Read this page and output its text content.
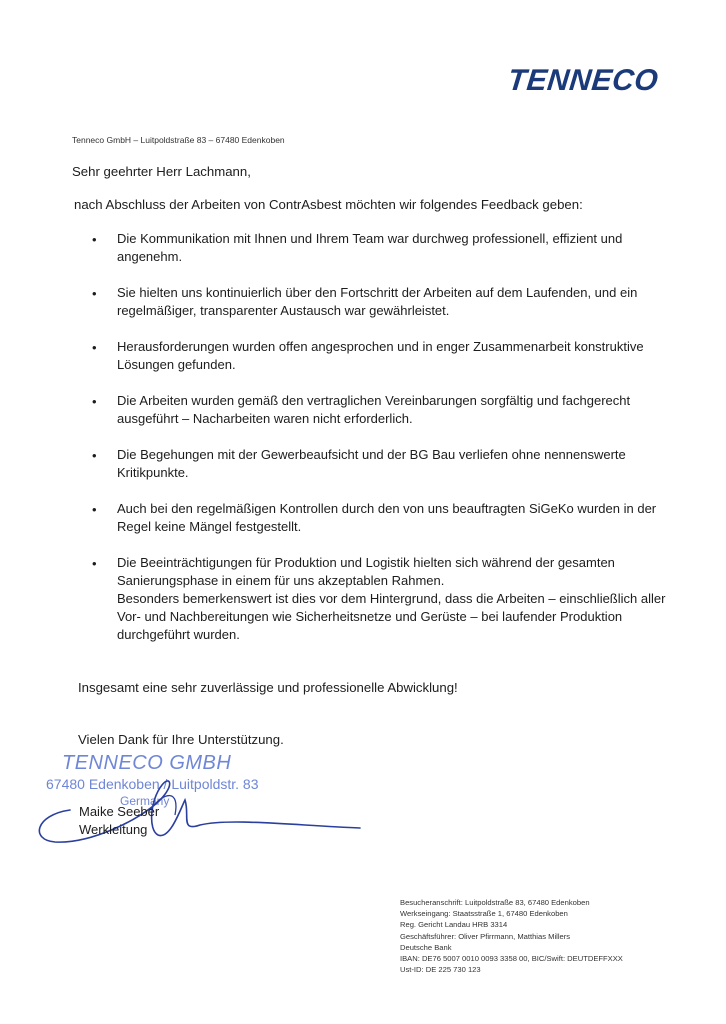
TENNECO
Tenneco GmbH – Luitpoldstraße 83 – 67480 Edenkoben
Sehr geehrter Herr Lachmann,
nach Abschluss der Arbeiten von ContrAsbest möchten wir folgendes Feedback geben:
• Die Kommunikation mit Ihnen und Ihrem Team war durchweg professionell, effizient und angenehm.
• Sie hielten uns kontinuierlich über den Fortschritt der Arbeiten auf dem Laufenden, und ein regelmäßiger, transparenter Austausch war gewährleistet.
• Herausforderungen wurden offen angesprochen und in enger Zusammenarbeit konstruktive Lösungen gefunden.
• Die Arbeiten wurden gemäß den vertraglichen Vereinbarungen sorgfältig und fachgerecht ausgeführt – Nacharbeiten waren nicht erforderlich.
• Die Begehungen mit der Gewerbeaufsicht und der BG Bau verliefen ohne nennenswerte Kritikpunkte.
• Auch bei den regelmäßigen Kontrollen durch den von uns beauftragten SiGeKo wurden in der Regel keine Mängel festgestellt.
• Die Beeinträchtigungen für Produktion und Logistik hielten sich während der gesamten Sanierungsphase in einem für uns akzeptablen Rahmen.
Besonders bemerkenswert ist dies vor dem Hintergrund, dass die Arbeiten – einschließlich aller Vor- und Nachbereitungen wie Sicherheitsnetze und Gerüste – bei laufender Produktion durchgeführt wurden.
Insgesamt eine sehr zuverlässige und professionelle Abwicklung!
Vielen Dank für Ihre Unterstützung.
TENNECO GMBH
67480 Edenkoben / Luitpoldstr. 83
Germany
Maike Seeber
Werkleitung
Besucheranschrift: Luitpoldstraße 83, 67480 Edenkoben
Werkseingang: Staatsstraße 1, 67480 Edenkoben
Reg. Gericht Landau HRB 3314
Geschäftsführer: Oliver Pfirrmann, Matthias Millers
Deutsche Bank
IBAN: DE76 5007 0010 0093 3358 00, BIC/Swift: DEUTDEFFXXX
Ust-ID: DE 225 730 123
